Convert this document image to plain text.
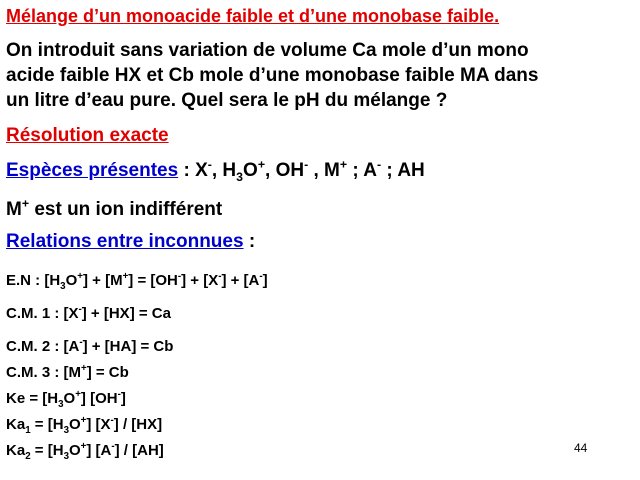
Mélange d’un monoacide faible et d’une monobase faible.
On introduit sans variation de volume Ca mole d’un mono
acide faible HX et Cb mole d’une monobase faible MA dans
un litre d’eau pure. Quel sera le pH du mélange ?
Résolution exacte
Espèces présentes : X-, $H_3O^+$, OH- , M+ ; A- ; AH
M+ est un ion indifférent
Relations entre inconnues :
E.N : $[H_3O^+] + [M^+] = [OH^-] + [X^-] + [A^-]$
C.M. 1 : [X-] + [HX] = Ca
C.M. 2 : [A-] + [HA] = Cb
C.M. 3 : [M+] = Cb
$Ke = [H_3O^+]$ [OH-]
$Ka_1 = [H_3O^+]$ [X-] / [HX]
$Ka_2 = [H_3O^+]$ [A-] / [AH]	44
